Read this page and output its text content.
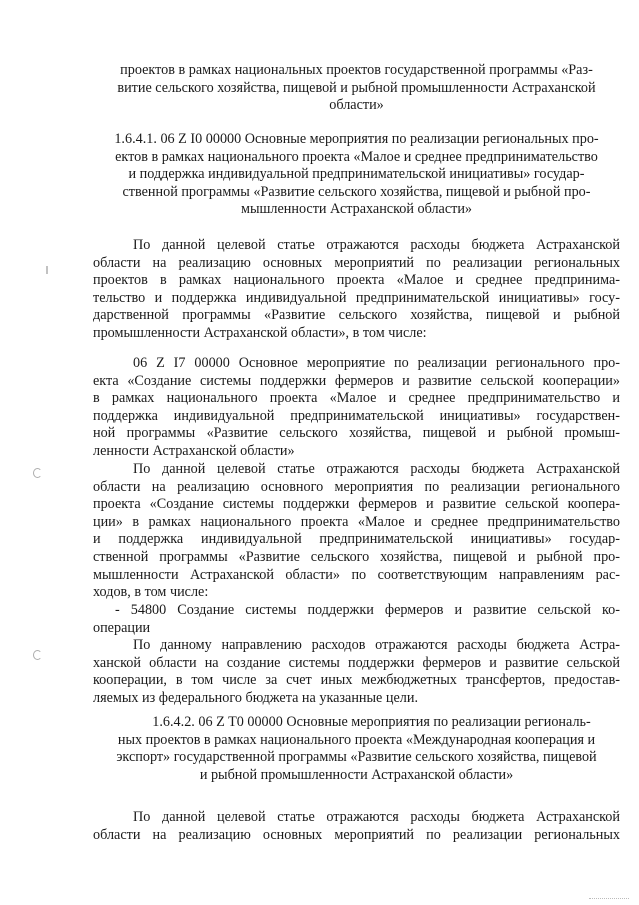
проектов в рамках национальных проектов государственной программы «Раз-
витие сельского хозяйства, пищевой и рыбной промышленности Астраханской
области»
1.6.4.1. 06 Z I0 00000 Основные мероприятия по реализации региональных про-
ектов в рамках национального проекта «Малое и среднее предпринимательство
и поддержка индивидуальной предпринимательской инициативы» государ-
ственной программы «Развитие сельского хозяйства, пищевой и рыбной про-
мышленности Астраханской области»
По данной целевой статье отражаются расходы бюджета Астраханской
области на реализацию основных мероприятий по реализации региональных
проектов в рамках национального проекта «Малое и среднее предпринима-
тельство и поддержка индивидуальной предпринимательской инициативы» госу-
дарственной программы «Развитие сельского хозяйства, пищевой и рыбной
промышленности Астраханской области», в том числе:
06 Z I7 00000 Основное мероприятие по реализации регионального про-
екта «Создание системы поддержки фермеров и развитие сельской кооперации»
в рамках национального проекта «Малое и среднее предпринимательство и
поддержка индивидуальной предпринимательской инициативы» государствен-
ной программы «Развитие сельского хозяйства, пищевой и рыбной промыш-
ленности Астраханской области»
По данной целевой статье отражаются расходы бюджета Астраханской
области на реализацию основного мероприятия по реализации регионального
проекта «Создание системы поддержки фермеров и развитие сельской коопера-
ции» в рамках национального проекта «Малое и среднее предпринимательство
и поддержка индивидуальной предпринимательской инициативы» государ-
ственной программы «Развитие сельского хозяйства, пищевой и рыбной про-
мышленности Астраханской области» по соответствующим направлениям рас-
ходов, в том числе:
- 54800 Создание системы поддержки фермеров и развитие сельской ко-
операции
По данному направлению расходов отражаются расходы бюджета Астра-
ханской области на создание системы поддержки фермеров и развитие сельской
кооперации, в том числе за счет иных межбюджетных трансфертов, предостав-
ляемых из федерального бюджета на указанные цели.
1.6.4.2. 06 Z T0 00000 Основные мероприятия по реализации региональ-
ных проектов в рамках национального проекта «Международная кооперация и
экспорт» государственной программы «Развитие сельского хозяйства, пищевой
и рыбной промышленности Астраханской области»
По данной целевой статье отражаются расходы бюджета Астраханской
области на реализацию основных мероприятий по реализации региональных
